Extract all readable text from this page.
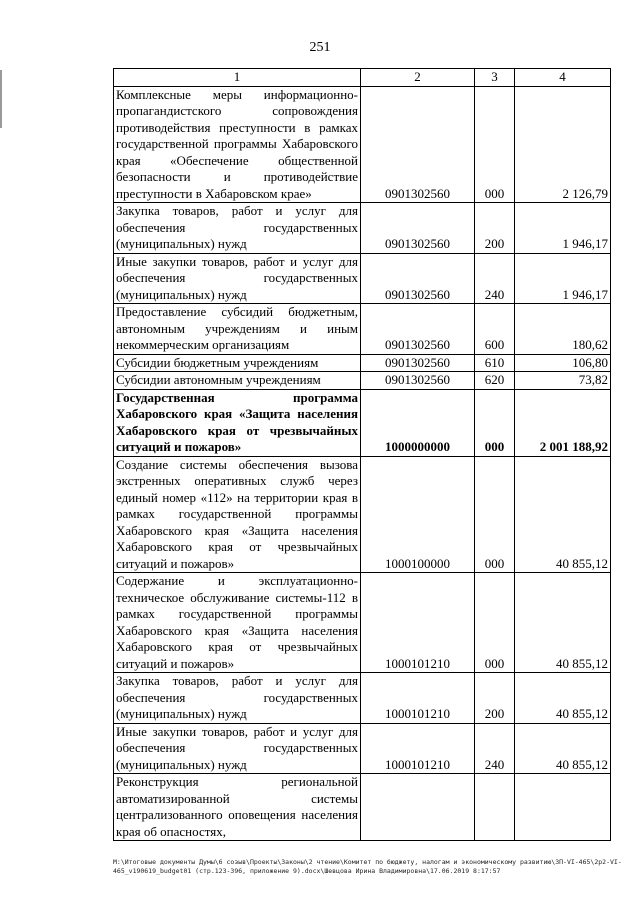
251
1	2	3	4
Комплексные меры информационно-пропагандистского сопровождения противодействия преступности в рамках государственной программы Хабаровского края «Обеспечение общественной безопасности и противодействие преступности в Хабаровском крае»	0901302560	000	2 126,79
Закупка товаров, работ и услуг для обеспечения государственных (муниципальных) нужд	0901302560	200	1 946,17
Иные закупки товаров, работ и услуг для обеспечения государственных (муниципальных) нужд	0901302560	240	1 946,17
Предоставление субсидий бюджетным, автономным учреждениям и иным некоммерческим организациям	0901302560	600	180,62
Субсидии бюджетным учреждениям	0901302560	610	106,80
Субсидии автономным учреждениям	0901302560	620	73,82
Государственная программа Хабаровского края «Защита населения Хабаровского края от чрезвычайных ситуаций и пожаров»	1000000000	000	2 001 188,92
Создание системы обеспечения вызова экстренных оперативных служб через единый номер «112» на территории края в рамках государственной программы Хабаровского края «Защита населения Хабаровского края от чрезвычайных ситуаций и пожаров»	1000100000	000	40 855,12
Содержание и эксплуатационно-техническое обслуживание системы-112 в рамках государственной программы Хабаровского края «Защита населения Хабаровского края от чрезвычайных ситуаций и пожаров»	1000101210	000	40 855,12
Закупка товаров, работ и услуг для обеспечения государственных (муниципальных) нужд	1000101210	200	40 855,12
Иные закупки товаров, работ и услуг для обеспечения государственных (муниципальных) нужд	1000101210	240	40 855,12
Реконструкция региональной автоматизированной системы централизованного оповещения населения края об опасностях,			
M:\Итоговые документы Думы\6 созыв\Проекты\Законы\2 чтение\Комитет по бюджету, налогам и экономическому развитию\ЗП-VI-465\2р2-VI-465_v190619_budget01 (стр.123-396, приложение 9).docx\Шевцова Ирина Владимировна\17.06.2019 8:17:57
